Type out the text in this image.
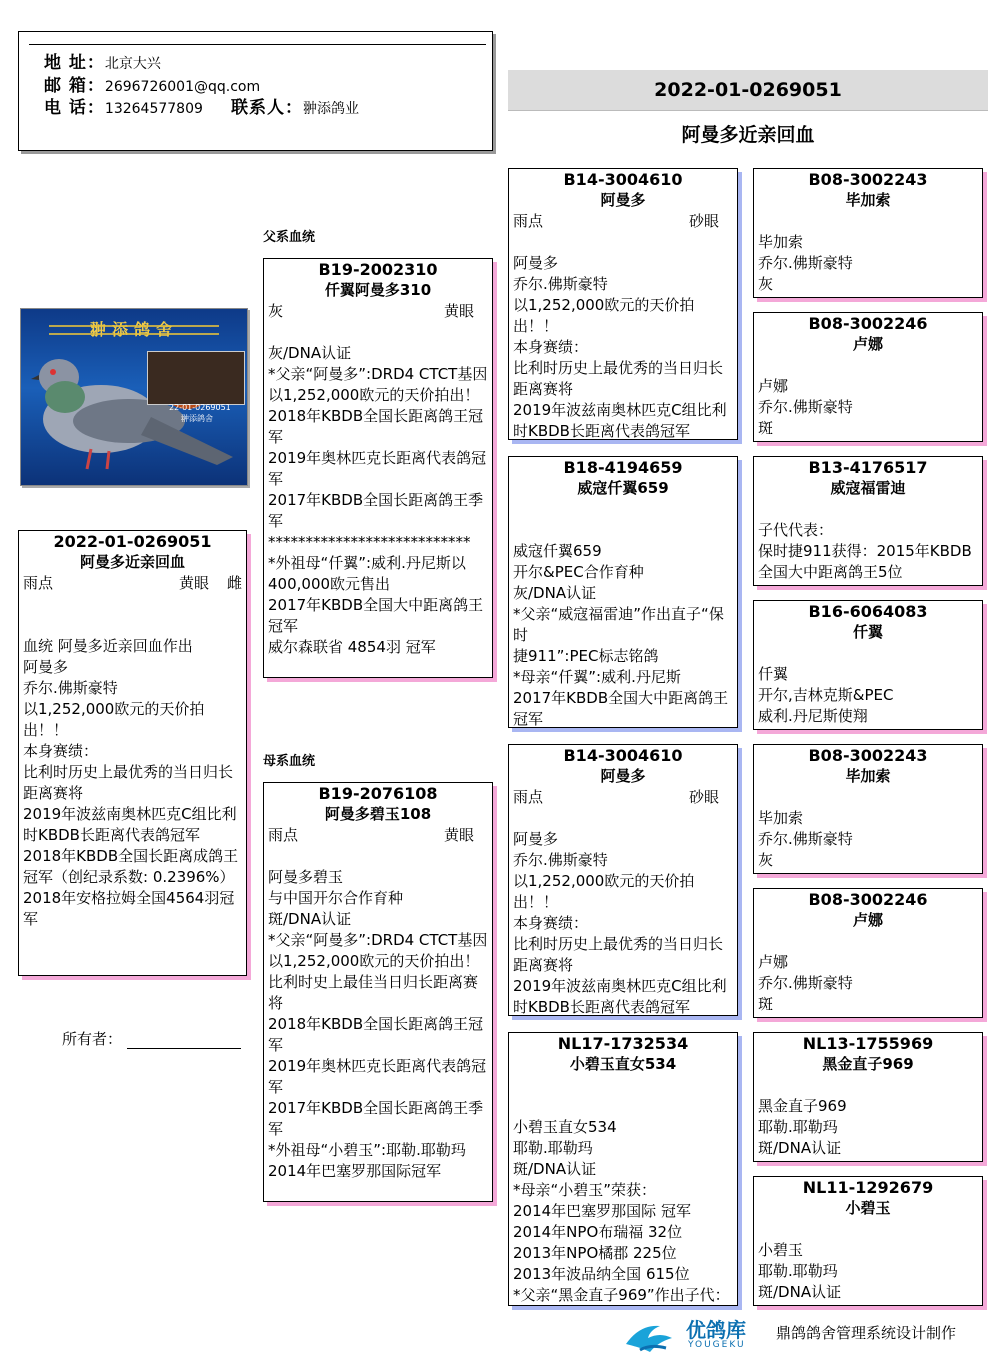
地 址：北京大兴
邮 箱：2696726001@qq.com
电 话：13264577809 联系人：翀添鸽业
2022-01-0269051
阿曼多近亲回血
翀添鸽舍
22-01-0269051
翀添鸽舍
2022-01-0269051
阿曼多近亲回血
雨点	黄眼 雌
血统 阿曼多近亲回血作出
阿曼多
乔尔.佛斯豪特
以1,252,000欧元的天价拍出！！
本身赛绩：
比利时历史上最优秀的当日归长距离赛将
2019年波兹南奥林匹克C组比利时KBDB长距离代表鸽冠军
2018年KBDB全国长距离成鸽王冠军（创纪录系数: 0.2396%）
2018年安格拉姆全国4564羽冠军
所有者：
父系血统
母系血统
B19-2002310
仟翼阿曼多310
灰	黄眼
灰/DNA认证
*父亲“阿曼多”:DRD4 CTCT基因
以1,252,000欧元的天价拍出！
2018年KBDB全国长距离鸽王冠军
2019年奥林匹克长距离代表鸽冠军
2017年KBDB全国长距离鸽王季军
***************************
*外祖母“仟翼”:威利.丹尼斯以400,000欧元售出
2017年KBDB全国大中距离鸽王冠军
威尔森联省 4854羽 冠军
B19-2076108
阿曼多碧玉108
雨点	黄眼
阿曼多碧玉
与中国开尔合作育种
斑/DNA认证
*父亲“阿曼多”:DRD4 CTCT基因
以1,252,000欧元的天价拍出！
比利时史上最佳当日归长距离赛将
2018年KBDB全国长距离鸽王冠军
2019年奥林匹克长距离代表鸽冠军
2017年KBDB全国长距离鸽王季军
*外祖母“小碧玉”:耶勒.耶勒玛
2014年巴塞罗那国际冠军
B14-3004610
阿曼多
雨点	砂眼
阿曼多
乔尔.佛斯豪特
以1,252,000欧元的天价拍出！！
本身赛绩：
比利时历史上最优秀的当日归长距离赛将
2019年波兹南奥林匹克C组比利时KBDB长距离代表鸽冠军
B18-4194659
威寇仟翼659
威寇仟翼659
开尔&PEC合作育种
灰/DNA认证
*父亲“威寇福雷迪”作出直子“保时
捷911”:PEC标志铭鸽
*母亲“仟翼”:威利.丹尼斯
2017年KBDB全国大中距离鸽王冠军
B14-3004610
阿曼多
雨点	砂眼
阿曼多
乔尔.佛斯豪特
以1,252,000欧元的天价拍出！！
本身赛绩：
比利时历史上最优秀的当日归长距离赛将
2019年波兹南奥林匹克C组比利时KBDB长距离代表鸽冠军
NL17-1732534
小碧玉直女534
小碧玉直女534
耶勒.耶勒玛
斑/DNA认证
*母亲“小碧玉”荣获：
2014年巴塞罗那国际 冠军
2014年NPO布瑞福 32位
2013年NPO橘郡 225位
2013年波品纳全国 615位
*父亲“黑金直子969”作出子代：
B08-3002243
毕加索
毕加索
乔尔.佛斯豪特
灰
B08-3002246
卢娜
卢娜
乔尔.佛斯豪特
斑
B13-4176517
威寇福雷迪
子代代表：
保时捷911获得：2015年KBDB全国大中距离鸽王5位
B16-6064083
仟翼
仟翼
开尔,吉林克斯&PEC
威利.丹尼斯使翔
B08-3002243
毕加索
毕加索
乔尔.佛斯豪特
灰
B08-3002246
卢娜
卢娜
乔尔.佛斯豪特
斑
NL13-1755969
黑金直子969
黑金直子969
耶勒.耶勒玛
斑/DNA认证
NL11-1292679
小碧玉
小碧玉
耶勒.耶勒玛
斑/DNA认证
优鸽库
YOUGEKU
鼎鸽鸽舍管理系统设计制作
